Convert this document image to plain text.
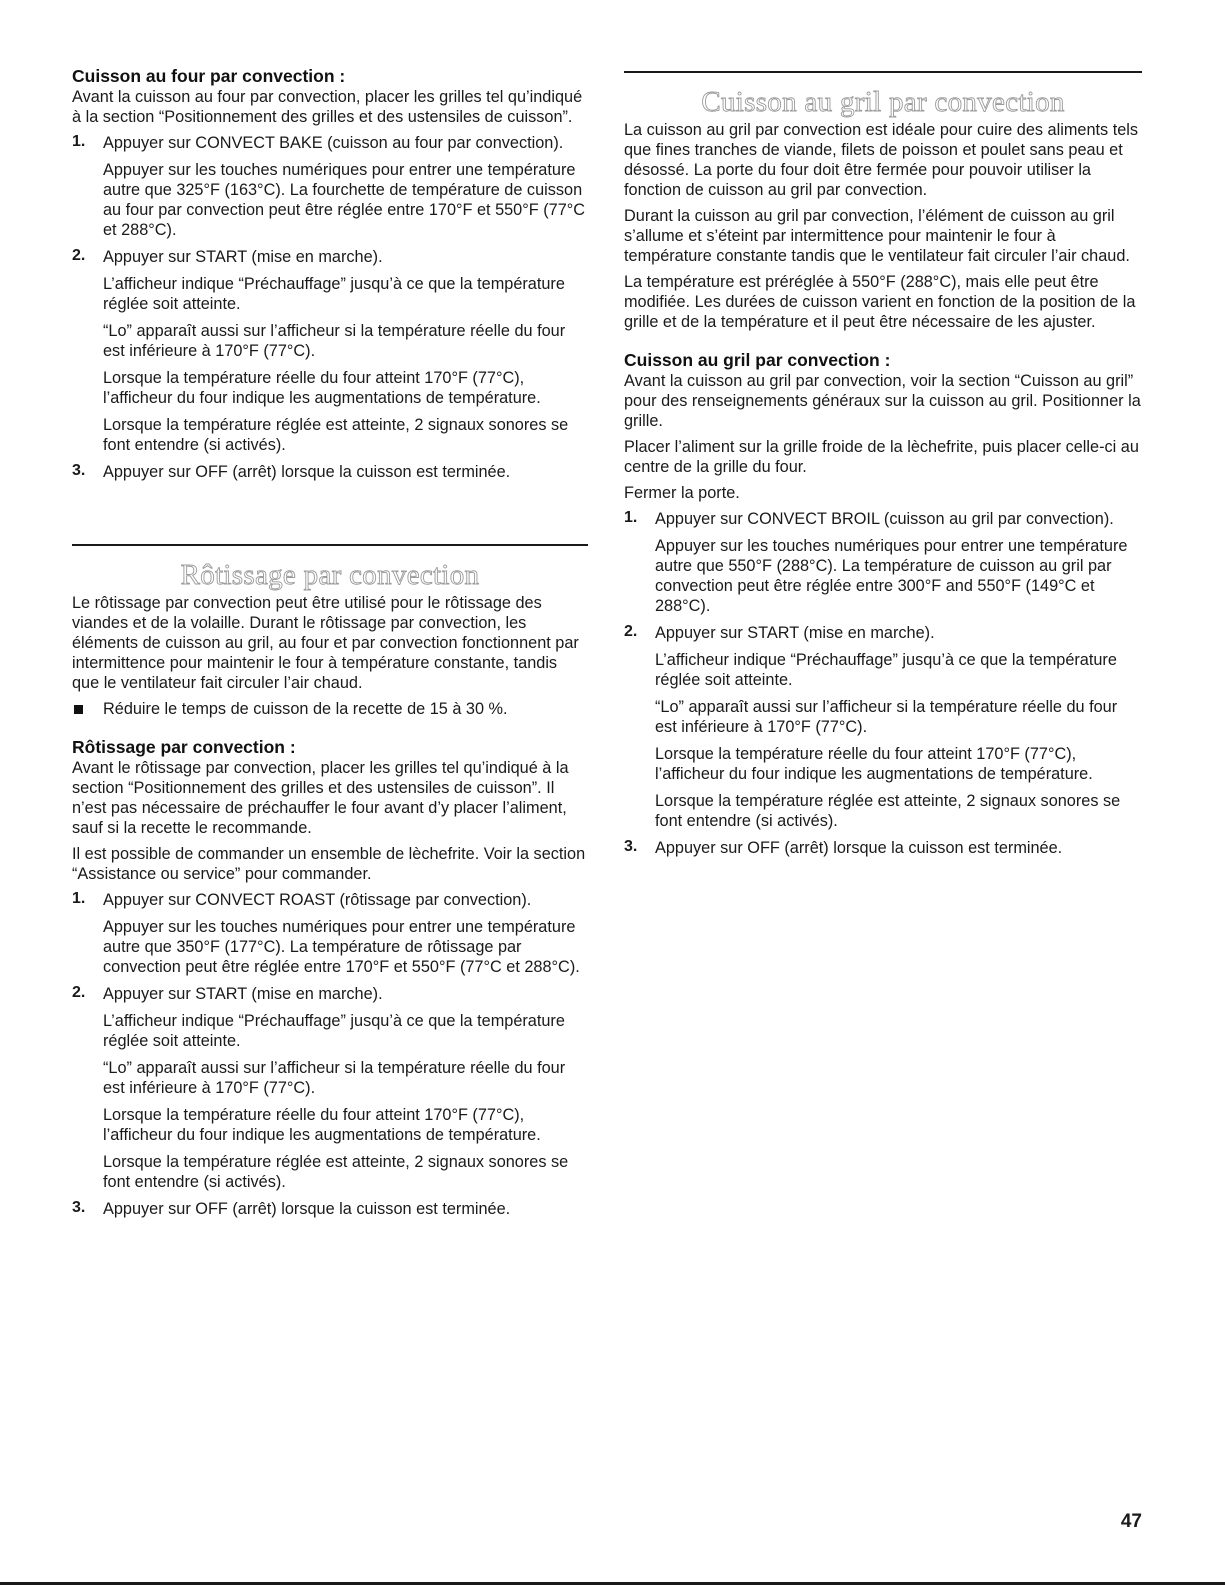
Cuisson au four par convection :

Avant la cuisson au four par convection, placer les grilles tel qu’indiqué à la section “Positionnement des grilles et des ustensiles de cuisson”.

1. Appuyer sur CONVECT BAKE (cuisson au four par convection).

Appuyer sur les touches numériques pour entrer une température autre que 325°F (163°C). La fourchette de température de cuisson au four par convection peut être réglée entre 170°F et 550°F (77°C et 288°C).

2. Appuyer sur START (mise en marche).

L’afficheur indique “Préchauffage” jusqu’à ce que la température réglée soit atteinte.

“Lo” apparaît aussi sur l’afficheur si la température réelle du four est inférieure à 170°F (77°C).

Lorsque la température réelle du four atteint 170°F (77°C), l’afficheur du four indique les augmentations de température.

Lorsque la température réglée est atteinte, 2 signaux sonores se font entendre (si activés).

3. Appuyer sur OFF (arrêt) lorsque la cuisson est terminée.

Rôtissage par convection

Le rôtissage par convection peut être utilisé pour le rôtissage des viandes et de la volaille. Durant le rôtissage par convection, les éléments de cuisson au gril, au four et par convection fonctionnent par intermittence pour maintenir le four à température constante, tandis que le ventilateur fait circuler l’air chaud.

Réduire le temps de cuisson de la recette de 15 à 30 %.

Rôtissage par convection :

Avant le rôtissage par convection, placer les grilles tel qu’indiqué à la section “Positionnement des grilles et des ustensiles de cuisson”. Il n’est pas nécessaire de préchauffer le four avant d’y placer l’aliment, sauf si la recette le recommande.

Il est possible de commander un ensemble de lèchefrite. Voir la section “Assistance ou service” pour commander.

1. Appuyer sur CONVECT ROAST (rôtissage par convection).

Appuyer sur les touches numériques pour entrer une température autre que 350°F (177°C). La température de rôtissage par convection peut être réglée entre 170°F et 550°F (77°C et 288°C).

2. Appuyer sur START (mise en marche).

L’afficheur indique “Préchauffage” jusqu’à ce que la température réglée soit atteinte.

“Lo” apparaît aussi sur l’afficheur si la température réelle du four est inférieure à 170°F (77°C).

Lorsque la température réelle du four atteint 170°F (77°C), l’afficheur du four indique les augmentations de température.

Lorsque la température réglée est atteinte, 2 signaux sonores se font entendre (si activés).

3. Appuyer sur OFF (arrêt) lorsque la cuisson est terminée.

Cuisson au gril par convection

La cuisson au gril par convection est idéale pour cuire des aliments tels que fines tranches de viande, filets de poisson et poulet sans peau et désossé. La porte du four doit être fermée pour pouvoir utiliser la fonction de cuisson au gril par convection.

Durant la cuisson au gril par convection, l’élément de cuisson au gril s’allume et s’éteint par intermittence pour maintenir le four à température constante tandis que le ventilateur fait circuler l’air chaud.

La température est préréglée à 550°F (288°C), mais elle peut être modifiée. Les durées de cuisson varient en fonction de la position de la grille et de la température et il peut être nécessaire de les ajuster.

Cuisson au gril par convection :

Avant la cuisson au gril par convection, voir la section “Cuisson au gril” pour des renseignements généraux sur la cuisson au gril. Positionner la grille.

Placer l’aliment sur la grille froide de la lèchefrite, puis placer celle-ci au centre de la grille du four.

Fermer la porte.

1. Appuyer sur CONVECT BROIL (cuisson au gril par convection).

Appuyer sur les touches numériques pour entrer une température autre que 550°F (288°C). La température de cuisson au gril par convection peut être réglée entre 300°F and 550°F (149°C et 288°C).

2. Appuyer sur START (mise en marche).

L’afficheur indique “Préchauffage” jusqu’à ce que la température réglée soit atteinte.

“Lo” apparaît aussi sur l’afficheur si la température réelle du four est inférieure à 170°F (77°C).

Lorsque la température réelle du four atteint 170°F (77°C), l’afficheur du four indique les augmentations de température.

Lorsque la température réglée est atteinte, 2 signaux sonores se font entendre (si activés).

3. Appuyer sur OFF (arrêt) lorsque la cuisson est terminée.

47
